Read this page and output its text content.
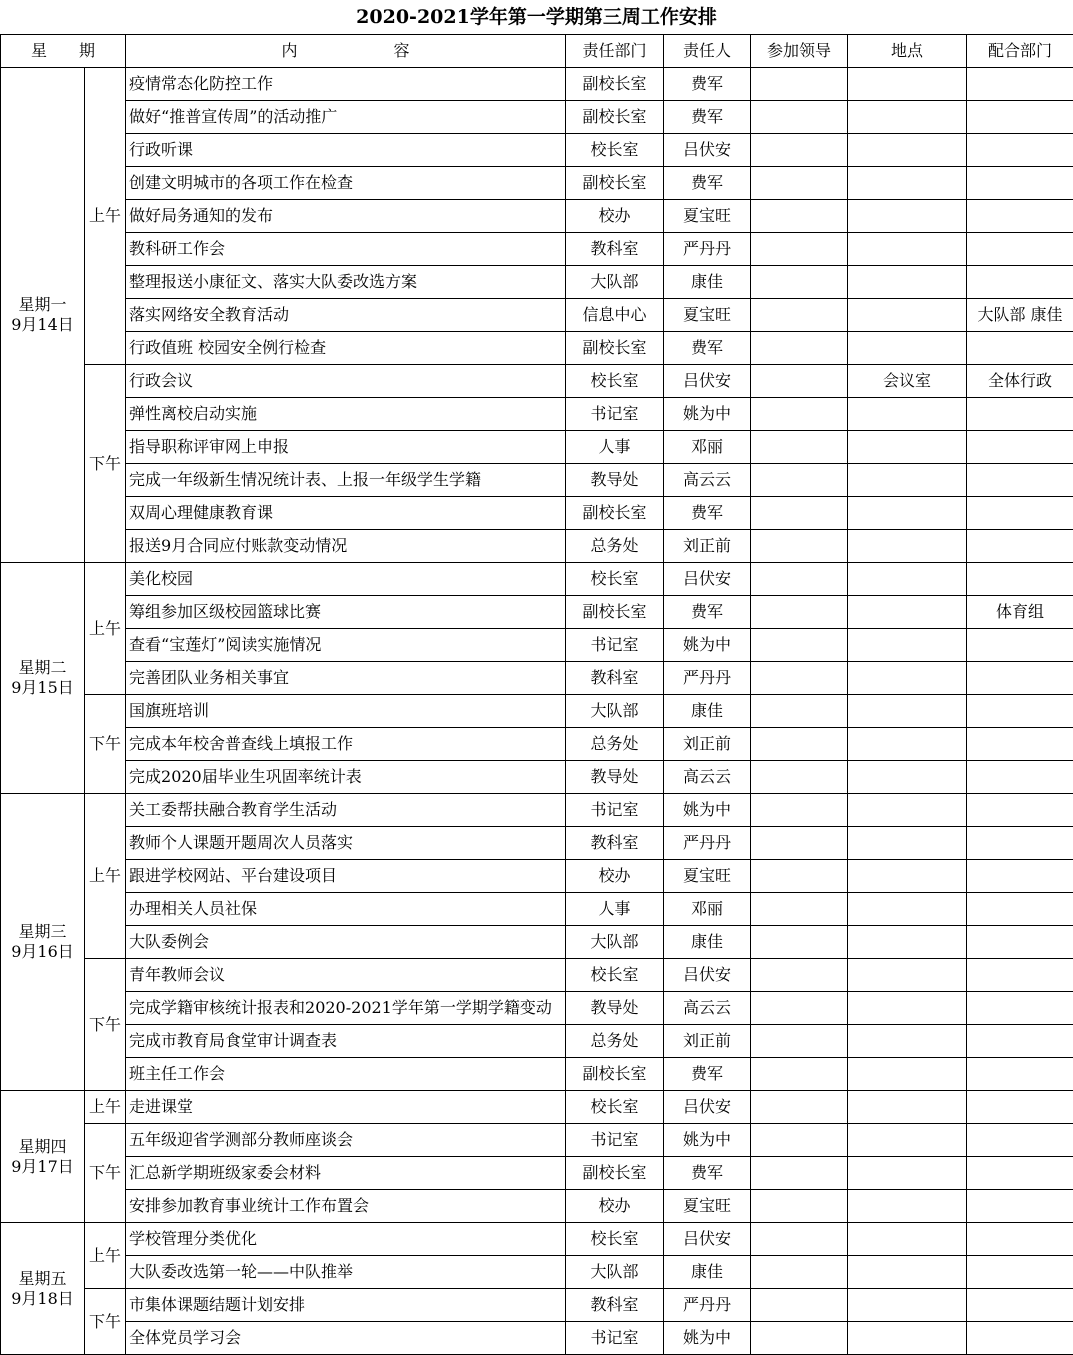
2020-2021学年第一学期第三周工作安排
星　　期		内　　　　　　容	责任部门	责任人	参加领导	地点	配合部门

星期一
9月14日	上午	疫情常态化防控工作	副校长室	费军			
		做好“推普宣传周”的活动推广	副校长室	费军			
		行政听课	校长室	吕伏安			
		创建文明城市的各项工作在检查	副校长室	费军			
		做好局务通知的发布	校办	夏宝旺			
		教科研工作会	教科室	严丹丹			
		整理报送小康征文、落实大队委改选方案	大队部	康佳			
		落实网络安全教育活动	信息中心	夏宝旺			大队部 康佳
		行政值班 校园安全例行检查	副校长室	费军			
	下午	行政会议	校长室	吕伏安		会议室	全体行政
		弹性离校启动实施	书记室	姚为中			
		指导职称评审网上申报	人事	邓丽			
		完成一年级新生情况统计表、上报一年级学生学籍	教导处	高云云			
		双周心理健康教育课	副校长室	费军			
		报送9月合同应付账款变动情况	总务处	刘正前			

星期二
9月15日	上午	美化校园	校长室	吕伏安			
		筹组参加区级校园篮球比赛	副校长室	费军			体育组
		查看“宝莲灯”阅读实施情况	书记室	姚为中			
		完善团队业务相关事宜	教科室	严丹丹			
	下午	国旗班培训	大队部	康佳			
		完成本年校舍普查线上填报工作	总务处	刘正前			
		完成2020届毕业生巩固率统计表	教导处	高云云			

星期三
9月16日	上午	关工委帮扶融合教育学生活动	书记室	姚为中			
		教师个人课题开题周次人员落实	教科室	严丹丹			
		跟进学校网站、平台建设项目	校办	夏宝旺			
		办理相关人员社保	人事	邓丽			
		大队委例会	大队部	康佳			
	下午	青年教师会议	校长室	吕伏安			
		完成学籍审核统计报表和2020-2021学年第一学期学籍变动	教导处	高云云			
		完成市教育局食堂审计调查表	总务处	刘正前			
		班主任工作会	副校长室	费军			

星期四
9月17日	上午	走进课堂	校长室	吕伏安			
	下午	五年级迎省学测部分教师座谈会	书记室	姚为中			
		汇总新学期班级家委会材料	副校长室	费军			
		安排参加教育事业统计工作布置会	校办	夏宝旺			

星期五
9月18日	上午	学校管理分类优化	校长室	吕伏安			
		大队委改选第一轮——中队推举	大队部	康佳			
	下午	市集体课题结题计划安排	教科室	严丹丹			
		全体党员学习会	书记室	姚为中			
